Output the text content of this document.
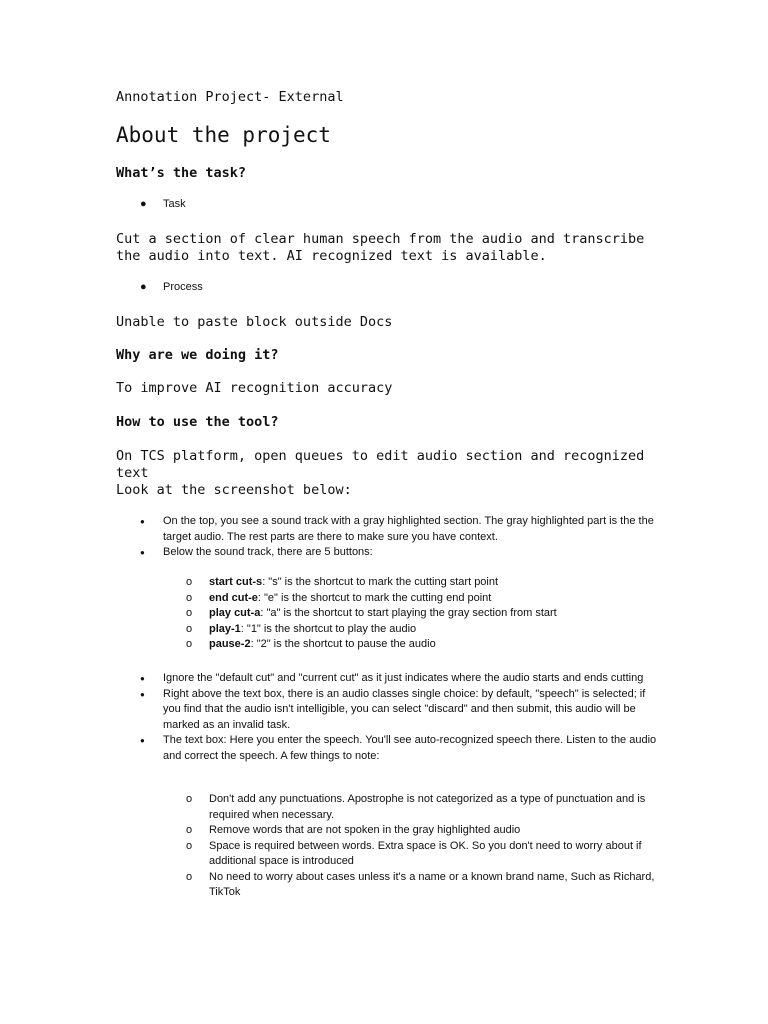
Annotation Project- External

About the project

What’s the task?

● Task

Cut a section of clear human speech from the audio and transcribe the audio into text. AI recognized text is available.

● Process

Unable to paste block outside Docs

Why are we doing it?

To improve AI recognition accuracy

How to use the tool?

On TCS platform, open queues to edit audio section and recognized text

Look at the screenshot below:

● On the top, you see a sound track with a gray highlighted section. The gray highlighted part is the the target audio. The rest parts are there to make sure you have context.
● Below the sound track, there are 5 buttons:
o start cut-s: "s" is the shortcut to mark the cutting start point
o end cut-e: "e" is the shortcut to mark the cutting end point
o play cut-a: "a" is the shortcut to start playing the gray section from start
o play-1: "1" is the shortcut to play the audio
o pause-2: "2" is the shortcut to pause the audio
● Ignore the "default cut" and "current cut" as it just indicates where the audio starts and ends cutting
● Right above the text box, there is an audio classes single choice: by default, "speech" is selected; if you find that the audio isn't intelligible, you can select "discard" and then submit, this audio will be marked as an invalid task.
● The text box: Here you enter the speech. You'll see auto-recognized speech there. Listen to the audio and correct the speech. A few things to note:
o Don't add any punctuations. Apostrophe is not categorized as a type of punctuation and is required when necessary.
o Remove words that are not spoken in the gray highlighted audio
o Space is required between words. Extra space is OK. So you don't need to worry about if additional space is introduced
o No need to worry about cases unless it's a name or a known brand name, Such as Richard, TikTok
